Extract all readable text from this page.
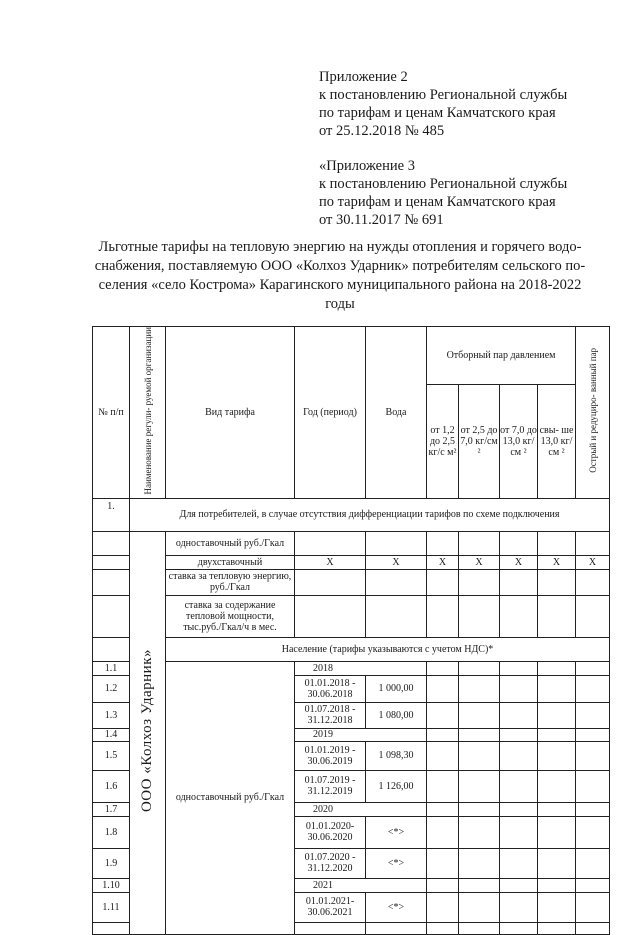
Приложение 2
к постановлению Региональной службы
по тарифам и ценам Камчатского края
от 25.12.2018 № 485
«Приложение 3
к постановлению Региональной службы
по тарифам и ценам Камчатского края
от 30.11.2017 № 691
Льготные тарифы на тепловую энергию на нужды отопления и горячего водо-
снабжения, поставляемую ООО «Колхоз Ударник» потребителям сельского по-
селения «село Кострома» Карагинского муниципального района на 2018-2022
годы
№ п/п	Наименование регули- руемой организации	Вид тарифа	Год (период)	Вода	Отборный пар давлением				Острый и редуциро- ванный пар
					от 1,2 до 2,5 кг/с м²	от 2,5 до 7,0 кг/см ²	от 7,0 до 13,0 кг/см ²	свы- ше 13,0 кг/см ²	
1.	Для потребителей, в случае отсутствия дифференциации тарифов по схеме подключения								
	ООО «Колхоз Ударник»	одноставочный руб./Гкал							
		двухставочный	X	X	X	X	X	X	X
		ставка за тепловую энергию, руб./Гкал							
		ставка за содержание тепловой мощности, тыс.руб./Гкал/ч в мес.							
		Население (тарифы указываются с учетом НДС)*							
1.1		одноставочный руб./Гкал	2018						
1.2			01.01.2018 - 30.06.2018	1 000,00					
1.3			01.07.2018 - 31.12.2018	1 080,00					
1.4			2019						
1.5			01.01.2019 - 30.06.2019	1 098,30					
1.6			01.07.2019 - 31.12.2019	1 126,00					
1.7			2020						
1.8			01.01.2020- 30.06.2020	<*>					
1.9			01.07.2020 - 31.12.2020	<*>					
1.10			2021						
1.11			01.01.2021- 30.06.2021	<*>					
